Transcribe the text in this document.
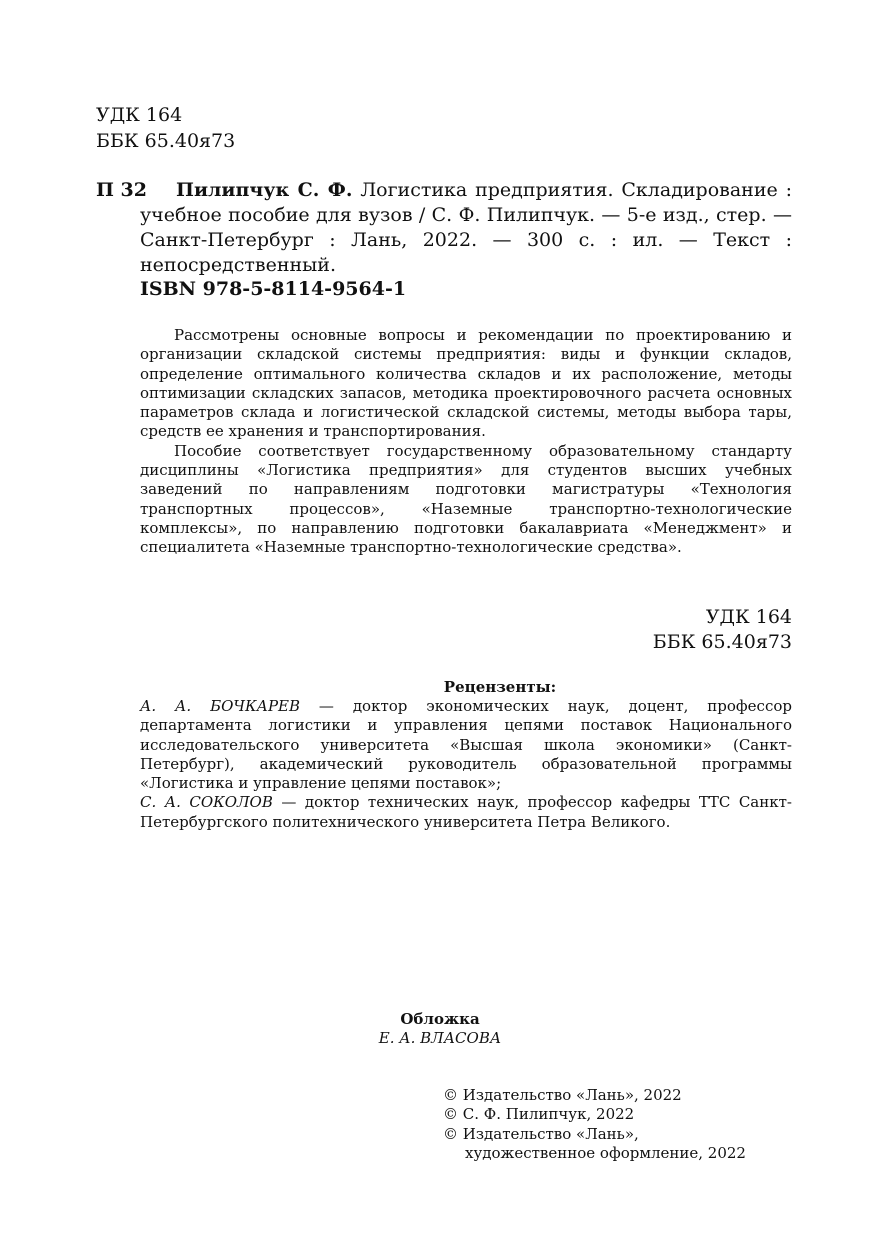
УДК 164
ББК 65.40я73
П 32	Пилипчук С. Ф. Логистика предприятия. Складирование : учебное пособие для вузов / С. Ф. Пилипчук. — 5-е изд., стер. — Санкт-Петербург : Лань, 2022. — 300 с. : ил. — Текст : непосредственный.

ISBN 978-5-8114-9564-1

Рассмотрены основные вопросы и рекомендации по проектированию и организации складской системы предприятия: виды и функции складов, определение оптимального количества складов и их расположение, методы оптимизации складских запасов, методика проектировочного расчета основных параметров склада и логистической складской системы, методы выбора тары, средств ее хранения и транспортирования.

Пособие соответствует государственному образовательному стандарту дисциплины «Логистика предприятия» для студентов высших учебных заведений по направлениям подготовки магистратуры «Технология транспортных процессов», «Наземные транспортно-технологические комплексы», по направлению подготовки бакалавриата «Менеджмент» и специалитета «Наземные транспортно-технологические средства».

УДК 164
ББК 65.40я73
Рецензенты:

А. А. БОЧКАРЕВ — доктор экономических наук, доцент, профессор департамента логистики и управления цепями поставок Национального исследовательского университета «Высшая школа экономики» (Санкт-Петербург), академический руководитель образовательной программы «Логистика и управление цепями поставок»;

С. А. СОКОЛОВ — доктор технических наук, профессор кафедры ТТС Санкт-Петербургского политехнического университета Петра Великого.

Обложка
Е. А. ВЛАСОВА
© Издательство «Лань», 2022
© С. Ф. Пилипчук, 2022
© Издательство «Лань»,
художественное оформление, 2022
